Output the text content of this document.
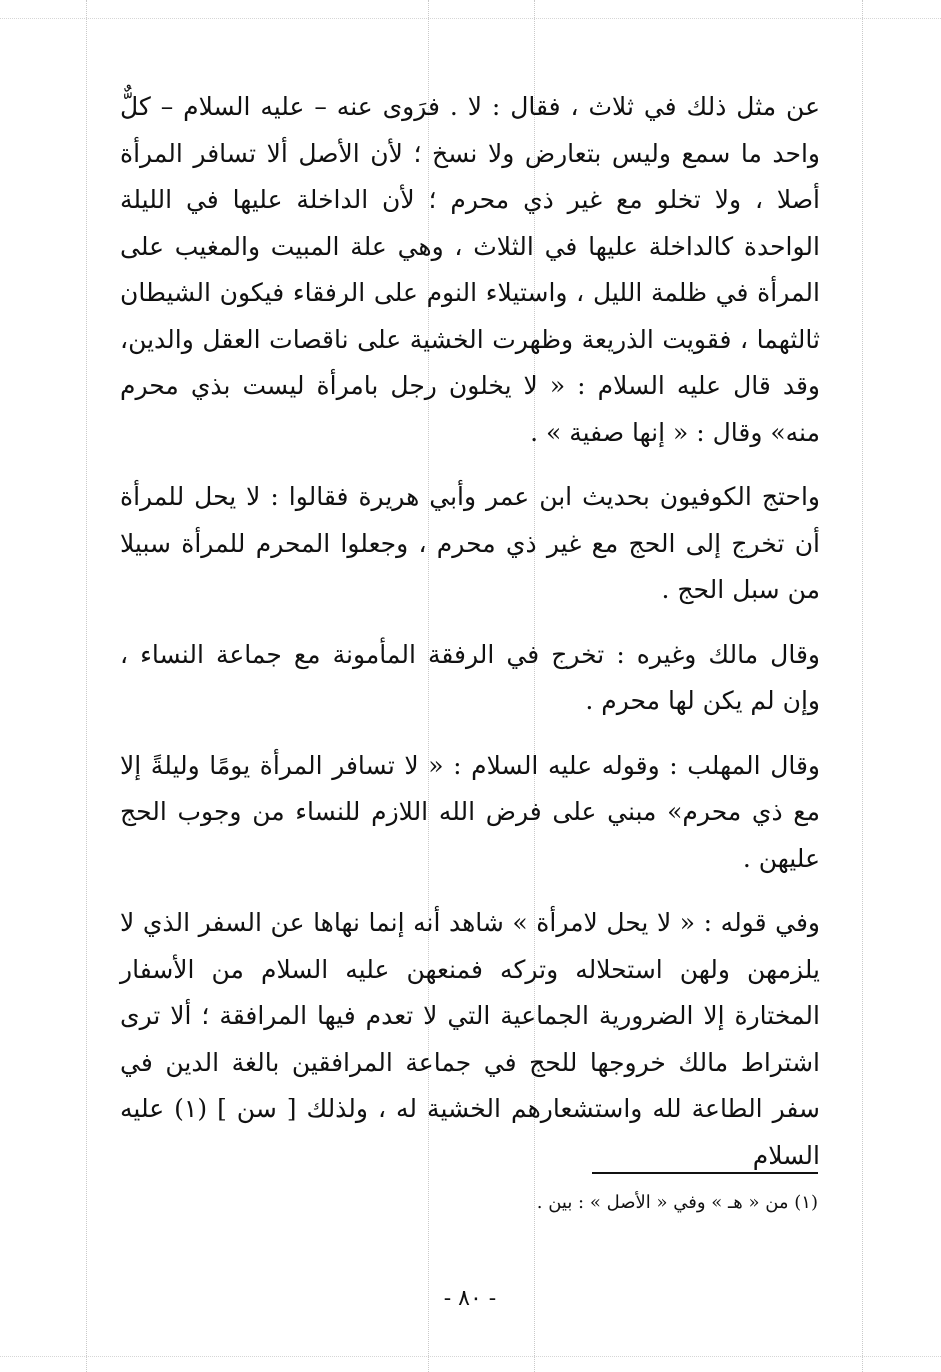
عن مثل ذلك في ثلاث ، فقال : لا . فرَوى عنه – عليه السلام – كلٌّ واحد ما سمع وليس بتعارض ولا نسخ ؛ لأن الأصل ألا تسافر المرأة أصلا ، ولا تخلو مع غير ذي محرم ؛ لأن الداخلة عليها في الليلة الواحدة كالداخلة عليها في الثلاث ، وهي علة المبيت والمغيب على المرأة في ظلمة الليل ، واستيلاء النوم على الرفقاء فيكون الشيطان ثالثهما ، فقويت الذريعة وظهرت الخشية على ناقصات العقل والدين، وقد قال عليه السلام : « لا يخلون رجل بامرأة ليست بذي محرم منه» وقال : « إنها صفية » .

واحتج الكوفيون بحديث ابن عمر وأبي هريرة فقالوا : لا يحل للمرأة أن تخرج إلى الحج مع غير ذي محرم ، وجعلوا المحرم للمرأة سبيلا من سبل الحج .

وقال مالك وغيره : تخرج في الرفقة المأمونة مع جماعة النساء ، وإن لم يكن لها محرم .

وقال المهلب : وقوله عليه السلام : « لا تسافر المرأة يومًا وليلةً إلا مع ذي محرم» مبني على فرض الله اللازم للنساء من وجوب الحج عليهن .

وفي قوله : « لا يحل لامرأة » شاهد أنه إنما نهاها عن السفر الذي لا يلزمهن ولهن استحلاله وتركه فمنعهن عليه السلام من الأسفار المختارة إلا الضرورية الجماعية التي لا تعدم فيها المرافقة ؛ ألا ترى اشتراط مالك خروجها للحج في جماعة المرافقين بالغة الدين في سفر الطاعة لله واستشعارهم الخشية له ، ولذلك [ سن ] (١) عليه السلام

(١) من « هـ » وفي « الأصل » : بين .

- ٨٠ -
